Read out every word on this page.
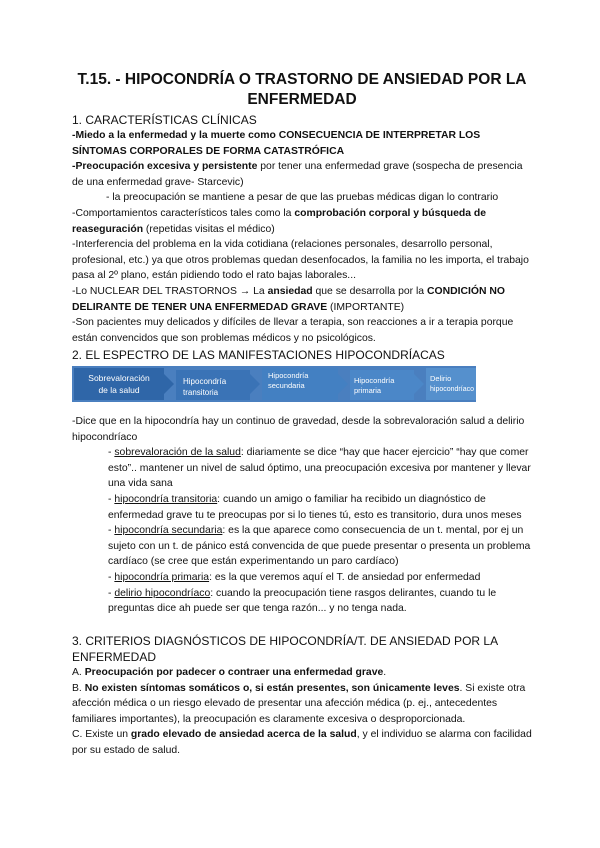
T.15. - HIPOCONDRÍA O TRASTORNO DE ANSIEDAD POR LA ENFERMEDAD
1. CARACTERÍSTICAS CLÍNICAS

-Miedo a la enfermedad y la muerte como CONSECUENCIA DE INTERPRETAR LOS SÍNTOMAS CORPORALES DE FORMA CATASTRÓFICA

-Preocupación excesiva y persistente por tener una enfermedad grave (sospecha de presencia de una enfermedad grave- Starcevic)

- la preocupación se mantiene a pesar de que las pruebas médicas digan lo contrario

-Comportamientos característicos tales como la comprobación corporal y búsqueda de reaseguración (repetidas visitas el médico)

-Interferencia del problema en la vida cotidiana (relaciones personales, desarrollo personal, profesional, etc.) ya que otros problemas quedan desenfocados, la familia no les importa, el trabajo pasa al 2º plano, están pidiendo todo el rato bajas laborales...

-Lo NUCLEAR DEL TRASTORNOS → La ansiedad que se desarrolla por la CONDICIÓN NO DELIRANTE DE TENER UNA ENFERMEDAD GRAVE (IMPORTANTE)

-Son pacientes muy delicados y difíciles de llevar a terapia, son reacciones a ir a terapia porque están convencidos que son problemas médicos y no psicológicos.

2. EL ESPECTRO DE LAS MANIFESTACIONES HIPOCONDRÍACAS
Sobrevaloración
de la salud
Hipocondría
transitoria
Hipocondría
secundaria
Hipocondría
primaria
Delirio
hipocondríaco

-Dice que en la hipocondría hay un continuo de gravedad, desde la sobrevaloración salud a delirio hipocondríaco

- sobrevaloración de la salud: diariamente se dice “hay que hacer ejercicio” “hay que comer esto”.. mantener un nivel de salud óptimo, una preocupación excesiva por mantener y llevar una vida sana

- hipocondría transitoria: cuando un amigo o familiar ha recibido un diagnóstico de enfermedad grave tu te preocupas por si lo tienes tú, esto es transitorio, dura unos meses

- hipocondría secundaria: es la que aparece como consecuencia de un t. mental, por ej un sujeto con un t. de pánico está convencida de que puede presentar o presenta un problema cardíaco (se cree que están experimentando un paro cardíaco)

- hipocondría primaria: es la que veremos aquí el T. de ansiedad por enfermedad

- delirio hipocondríaco: cuando la preocupación tiene rasgos delirantes, cuando tu le preguntas dice ah puede ser que tenga razón... y no tenga nada.

3. CRITERIOS DIAGNÓSTICOS DE HIPOCONDRÍA/T. DE ANSIEDAD POR LA ENFERMEDAD

A. Preocupación por padecer o contraer una enfermedad grave.

B. No existen síntomas somáticos o, si están presentes, son únicamente leves. Si existe otra afección médica o un riesgo elevado de presentar una afección médica (p. ej., antecedentes familiares importantes), la preocupación es claramente excesiva o desproporcionada.

C. Existe un grado elevado de ansiedad acerca de la salud, y el individuo se alarma con facilidad por su estado de salud.
